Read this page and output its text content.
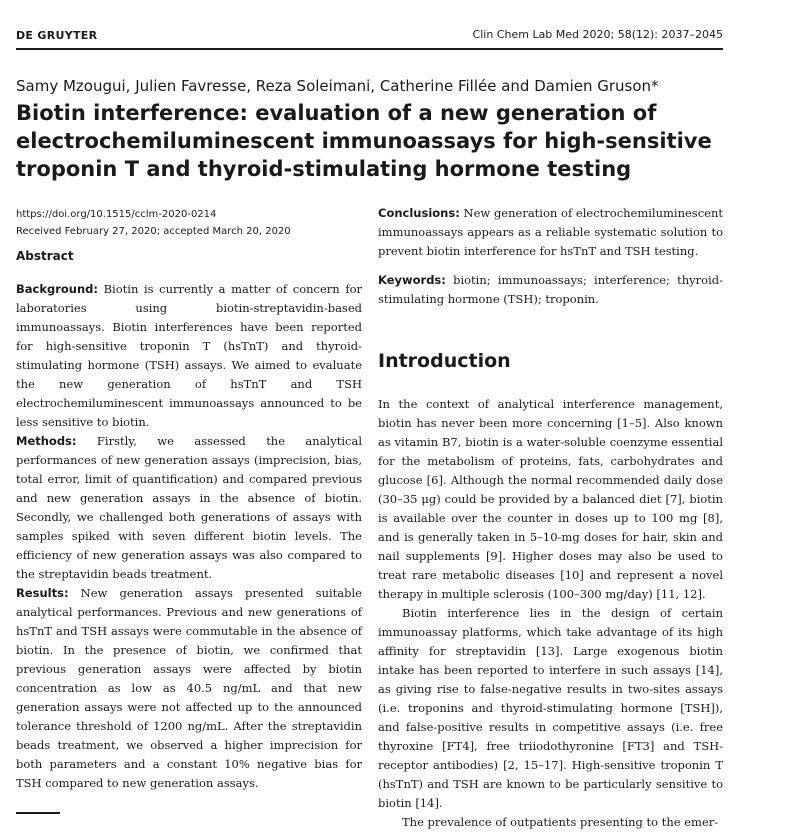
DE GRUYTER	Clin Chem Lab Med 2020; 58(12): 2037–2045
Samy Mzougui, Julien Favresse, Reza Soleimani, Catherine Fillée and Damien Gruson*
Biotin interference: evaluation of a new generation of electrochemiluminescent immunoassays for high-sensitive troponin T and thyroid-stimulating hormone testing
https://doi.org/10.1515/cclm-2020-0214
Received February 27, 2020; accepted March 20, 2020
Abstract

Background: Biotin is currently a matter of concern for laboratories using biotin-streptavidin-based immunoassays. Biotin interferences have been reported for high-sensitive troponin T (hsTnT) and thyroid-stimulating hormone (TSH) assays. We aimed to evaluate the new generation of hsTnT and TSH electrochemiluminescent immunoassays announced to be less sensitive to biotin.

Methods: Firstly, we assessed the analytical performances of new generation assays (imprecision, bias, total error, limit of quantification) and compared previous and new generation assays in the absence of biotin. Secondly, we challenged both generations of assays with samples spiked with seven different biotin levels. The efficiency of new generation assays was also compared to the streptavidin beads treatment.

Results: New generation assays presented suitable analytical performances. Previous and new generations of hsTnT and TSH assays were commutable in the absence of biotin. In the presence of biotin, we confirmed that previous generation assays were affected by biotin concentration as low as 40.5 ng/mL and that new generation assays were not affected up to the announced tolerance threshold of 1200 ng/mL. After the streptavidin beads treatment, we observed a higher imprecision for both parameters and a constant 10% negative bias for TSH compared to new generation assays.

Conclusions: New generation of electrochemiluminescent immunoassays appears as a reliable systematic solution to prevent biotin interference for hsTnT and TSH testing.

Keywords: biotin; immunoassays; interference; thyroid-stimulating hormone (TSH); troponin.

Introduction

In the context of analytical interference management, biotin has never been more concerning [1–5]. Also known as vitamin B7, biotin is a water-soluble coenzyme essential for the metabolism of proteins, fats, carbohydrates and glucose [6]. Although the normal recommended daily dose (30–35 μg) could be provided by a balanced diet [7], biotin is available over the counter in doses up to 100 mg [8], and is generally taken in 5–10-mg doses for hair, skin and nail supplements [9]. Higher doses may also be used to treat rare metabolic diseases [10] and represent a novel therapy in multiple sclerosis (100–300 mg/day) [11, 12].

Biotin interference lies in the design of certain immunoassay platforms, which take advantage of its high affinity for streptavidin [13]. Large exogenous biotin intake has been reported to interfere in such assays [14], as giving rise to false-negative results in two-sites assays (i.e. troponins and thyroid-stimulating hormone [TSH]), and false-positive results in competitive assays (i.e. free thyroxine [FT4], free triiodothyronine [FT3] and TSH-receptor antibodies) [2, 15–17]. High-sensitive troponin T (hsTnT) and TSH are known to be particularly sensitive to biotin [14].

The prevalence of outpatients presenting to the emer-
